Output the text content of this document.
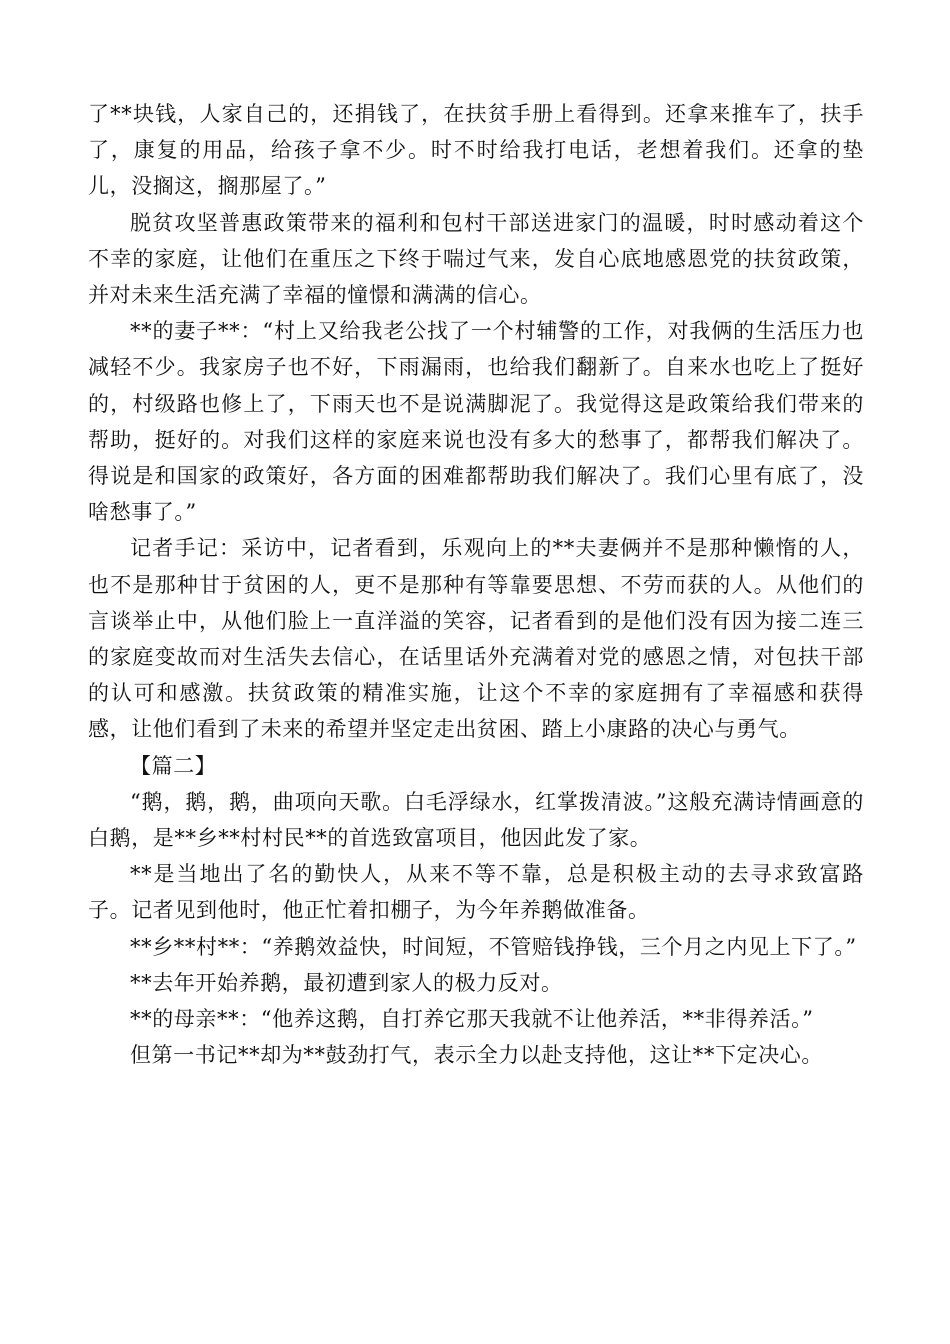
了**块钱，人家自己的，还捐钱了，在扶贫手册上看得到。还拿来推车了，扶手了，康复的用品，给孩子拿不少。时不时给我打电话，老想着我们。还拿的垫儿，没搁这，搁那屋了。”

脱贫攻坚普惠政策带来的福利和包村干部送进家门的温暖，时时感动着这个不幸的家庭，让他们在重压之下终于喘过气来，发自心底地感恩党的扶贫政策，并对未来生活充满了幸福的憧憬和满满的信心。

**的妻子**：“村上又给我老公找了一个村辅警的工作，对我俩的生活压力也减轻不少。我家房子也不好，下雨漏雨，也给我们翻新了。自来水也吃上了挺好的，村级路也修上了，下雨天也不是说满脚泥了。我觉得这是政策给我们带来的帮助，挺好的。对我们这样的家庭来说也没有多大的愁事了，都帮我们解决了。得说是和国家的政策好，各方面的困难都帮助我们解决了。我们心里有底了，没啥愁事了。”

记者手记：采访中，记者看到，乐观向上的**夫妻俩并不是那种懒惰的人，也不是那种甘于贫困的人，更不是那种有等靠要思想、不劳而获的人。从他们的言谈举止中，从他们脸上一直洋溢的笑容，记者看到的是他们没有因为接二连三的家庭变故而对生活失去信心，在话里话外充满着对党的感恩之情，对包扶干部的认可和感激。扶贫政策的精准实施，让这个不幸的家庭拥有了幸福感和获得感，让他们看到了未来的希望并坚定走出贫困、踏上小康路的决心与勇气。

【篇二】

“鹅，鹅，鹅，曲项向天歌。白毛浮绿水，红掌拨清波。”这般充满诗情画意的白鹅，是**乡**村村民**的首选致富项目，他因此发了家。

**是当地出了名的勤快人，从来不等不靠，总是积极主动的去寻求致富路子。记者见到他时，他正忙着扣棚子，为今年养鹅做准备。

**乡**村**：“养鹅效益快，时间短，不管赔钱挣钱，三个月之内见上下了。”

**去年开始养鹅，最初遭到家人的极力反对。

**的母亲**：“他养这鹅，自打养它那天我就不让他养活，**非得养活。”

但第一书记**却为**鼓劲打气，表示全力以赴支持他，这让**下定决心。
